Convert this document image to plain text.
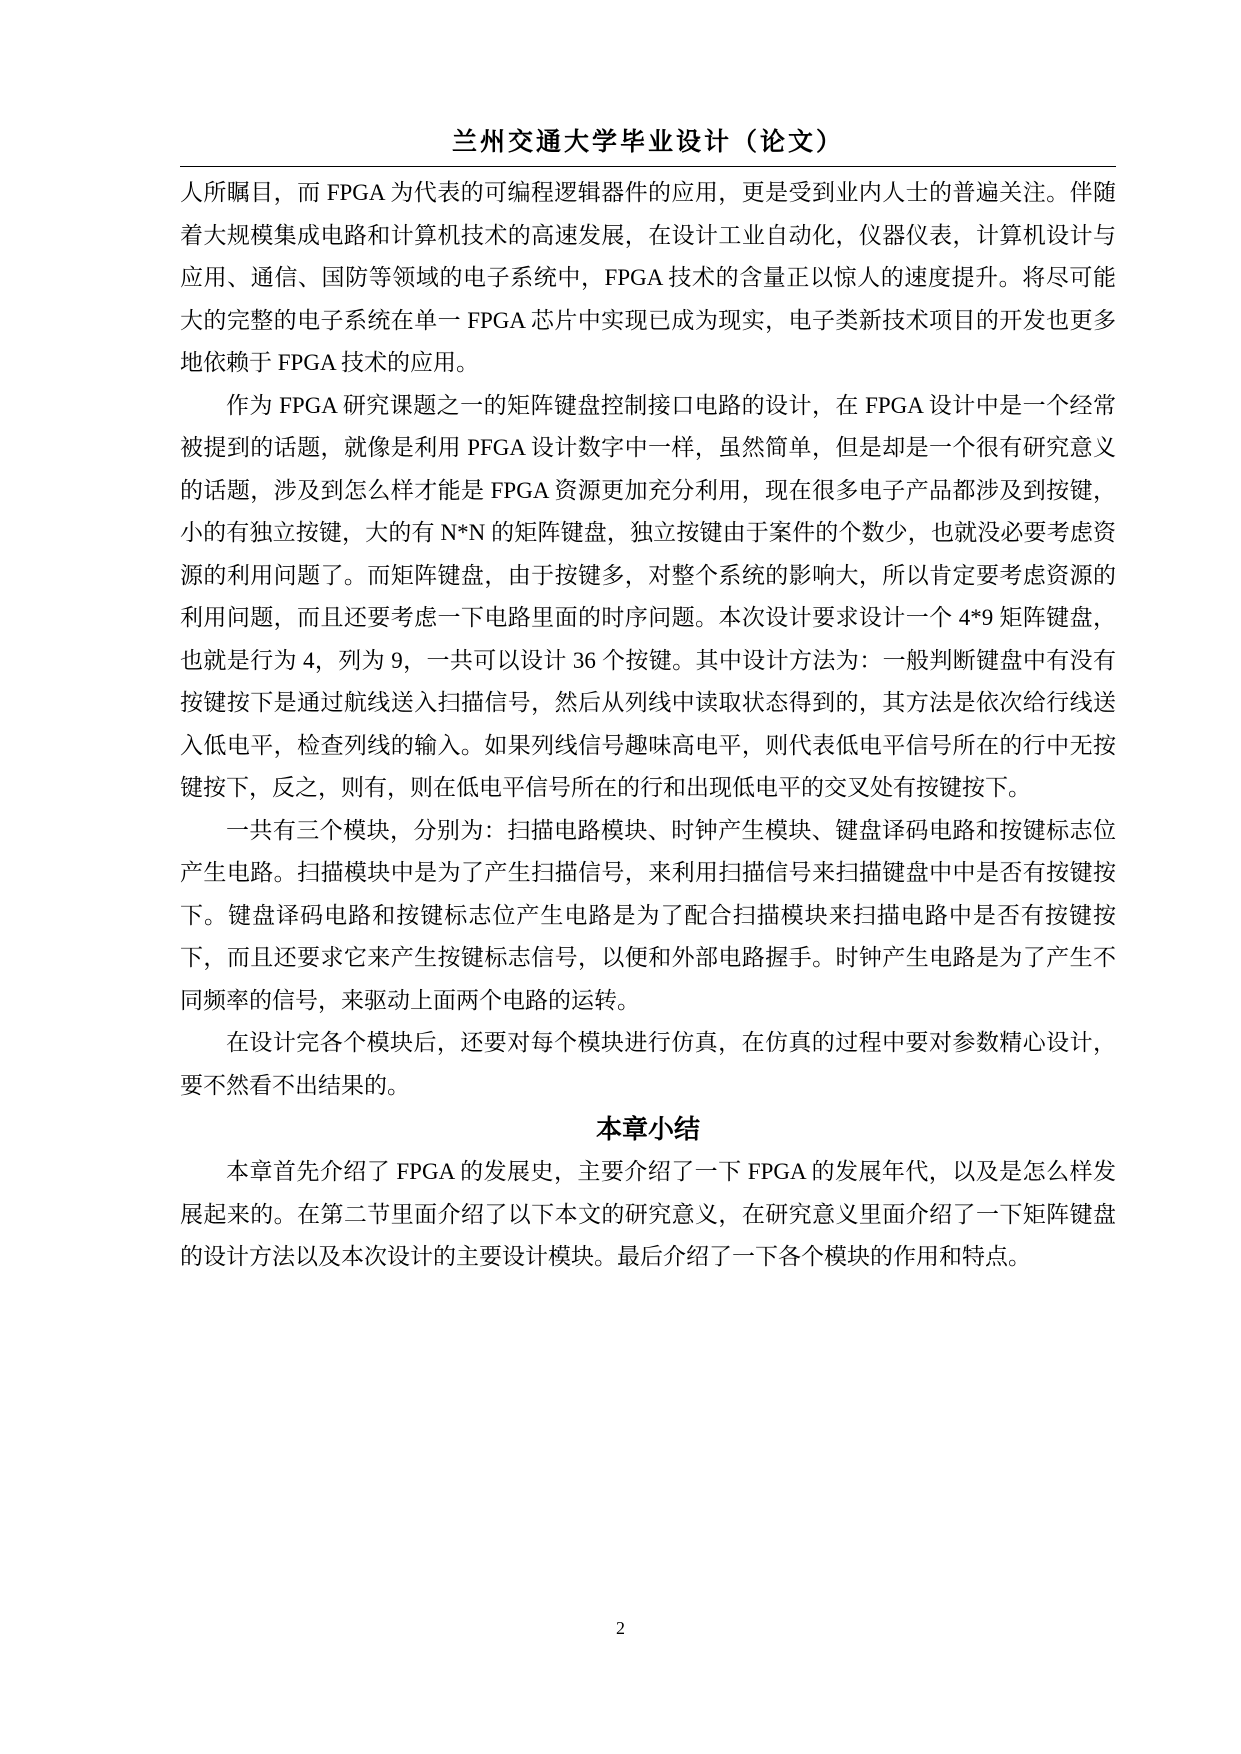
兰州交通大学毕业设计（论文）

人所瞩目，而 FPGA 为代表的可编程逻辑器件的应用，更是受到业内人士的普遍关注。伴随着大规模集成电路和计算机技术的高速发展，在设计工业自动化，仪器仪表，计算机设计与应用、通信、国防等领域的电子系统中，FPGA 技术的含量正以惊人的速度提升。将尽可能大的完整的电子系统在单一 FPGA 芯片中实现已成为现实，电子类新技术项目的开发也更多地依赖于 FPGA 技术的应用。

作为 FPGA 研究课题之一的矩阵键盘控制接口电路的设计，在 FPGA 设计中是一个经常被提到的话题，就像是利用 PFGA 设计数字中一样，虽然简单，但是却是一个很有研究意义的话题，涉及到怎么样才能是 FPGA 资源更加充分利用，现在很多电子产品都涉及到按键，小的有独立按键，大的有 N*N 的矩阵键盘，独立按键由于案件的个数少，也就没必要考虑资源的利用问题了。而矩阵键盘，由于按键多，对整个系统的影响大，所以肯定要考虑资源的利用问题，而且还要考虑一下电路里面的时序问题。本次设计要求设计一个 4*9 矩阵键盘，也就是行为 4，列为 9，一共可以设计 36 个按键。其中设计方法为：一般判断键盘中有没有按键按下是通过航线送入扫描信号，然后从列线中读取状态得到的，其方法是依次给行线送入低电平，检查列线的输入。如果列线信号趣味高电平，则代表低电平信号所在的行中无按键按下，反之，则有，则在低电平信号所在的行和出现低电平的交叉处有按键按下。

一共有三个模块，分别为：扫描电路模块、时钟产生模块、键盘译码电路和按键标志位产生电路。扫描模块中是为了产生扫描信号，来利用扫描信号来扫描键盘中中是否有按键按下。键盘译码电路和按键标志位产生电路是为了配合扫描模块来扫描电路中是否有按键按下，而且还要求它来产生按键标志信号，以便和外部电路握手。时钟产生电路是为了产生不同频率的信号，来驱动上面两个电路的运转。

在设计完各个模块后，还要对每个模块进行仿真，在仿真的过程中要对参数精心设计，要不然看不出结果的。

本章小结

本章首先介绍了 FPGA 的发展史，主要介绍了一下 FPGA 的发展年代，以及是怎么样发展起来的。在第二节里面介绍了以下本文的研究意义，在研究意义里面介绍了一下矩阵键盘的设计方法以及本次设计的主要设计模块。最后介绍了一下各个模块的作用和特点。

2
